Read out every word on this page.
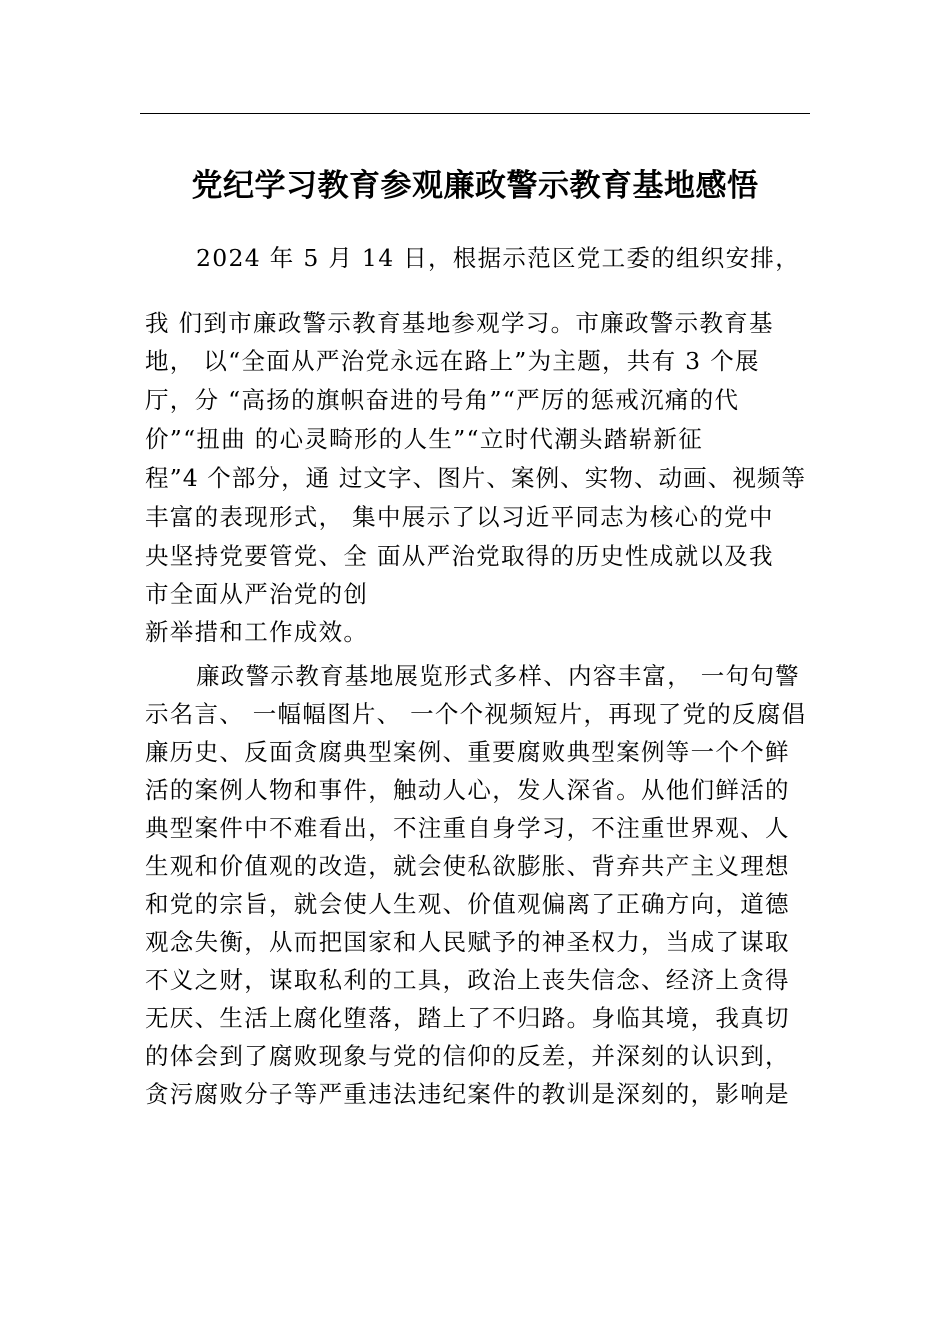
党纪学习教育参观廉政警示教育基地感悟
2024 年 5 月 14 日，根据示范区党工委的组织安排，
我 们到市廉政警示教育基地参观学习。市廉政警示教育基
地， 以“全面从严治党永远在路上”为主题，共有 3 个展
厅，分 “高扬的旗帜奋进的号角”“严厉的惩戒沉痛的代
价”“扭曲 的心灵畸形的人生”“立时代潮头踏崭新征
程”4 个部分，通 过文字、图片、案例、实物、动画、视频等
丰富的表现形式， 集中展示了以习近平同志为核心的党中
央坚持党要管党、全 面从严治党取得的历史性成就以及我
市全面从严治党的创
新举措和工作成效。
廉政警示教育基地展览形式多样、内容丰富， 一句句警
示名言、 一幅幅图片、 一个个视频短片，再现了党的反腐倡
廉历史、反面贪腐典型案例、重要腐败典型案例等一个个鲜
活的案例人物和事件，触动人心，发人深省。从他们鲜活的
典型案件中不难看出，不注重自身学习，不注重世界观、人
生观和价值观的改造，就会使私欲膨胀、背弃共产主义理想
和党的宗旨，就会使人生观、价值观偏离了正确方向，道德
观念失衡，从而把国家和人民赋予的神圣权力，当成了谋取
不义之财，谋取私利的工具，政治上丧失信念、经济上贪得
无厌、生活上腐化堕落，踏上了不归路。身临其境，我真切
的体会到了腐败现象与党的信仰的反差，并深刻的认识到，
贪污腐败分子等严重违法违纪案件的教训是深刻的，影响是
